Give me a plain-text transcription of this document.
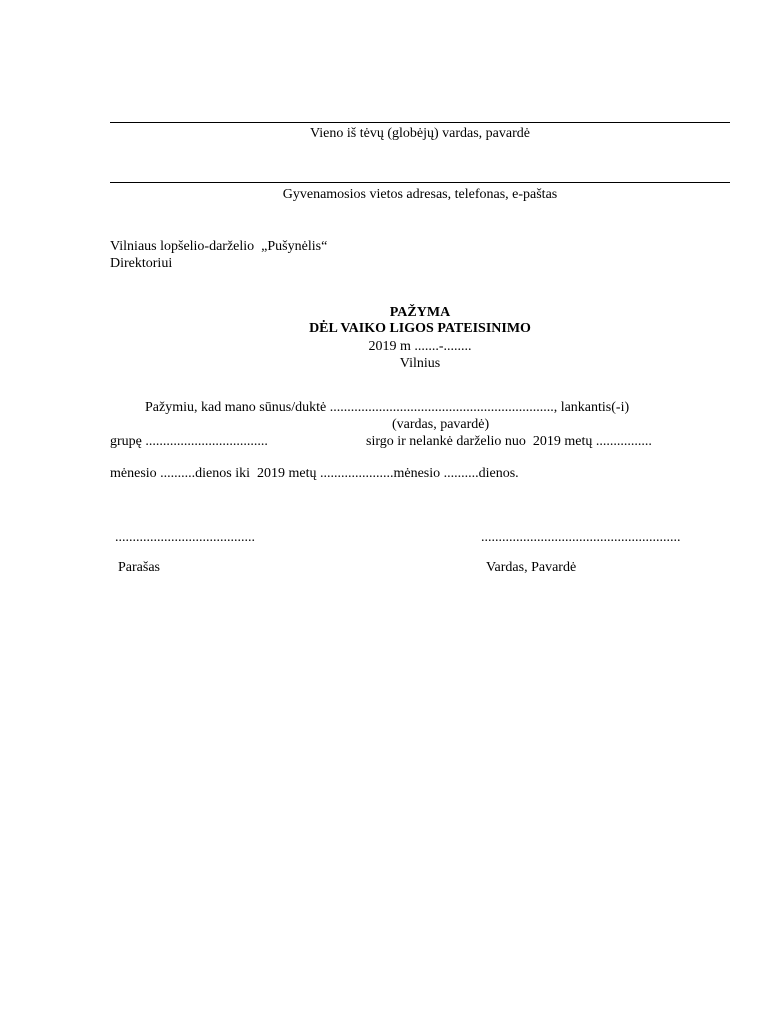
Vieno iš tėvų (globėjų) vardas, pavardė
Gyvenamosios vietos adresas, telefonas, e-paštas
Vilniaus lopšelio-darželio  „Pušynėlis“
Direktoriui
PAŽYMA
DĖL VAIKO LIGOS PATEISINIMO
2019 m .......-........
Vilnius
Pažymiu, kad mano sūnus/duktė ................................................................, lankantis(-i)
(vardas, pavardė)
grupę ...................................	sirgo ir nelankė darželio nuo  2019 metų ................
mėnesio ..........dienos iki  2019 metų .....................mėnesio ..........dienos.
........................................	.........................................................
Parašas	Vardas, Pavardė
